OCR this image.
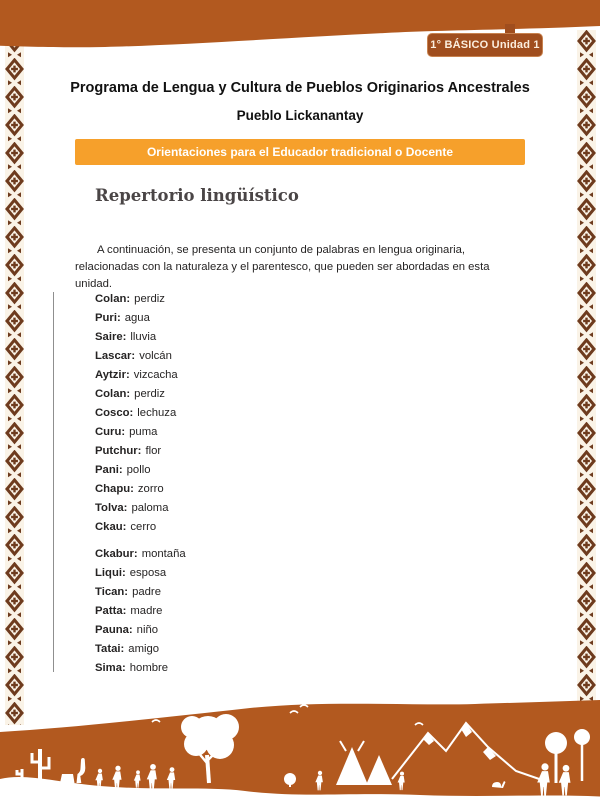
1° BÁSICO Unidad 1
Programa de Lengua y Cultura de Pueblos Originarios Ancestrales
Pueblo Lickanantay
Orientaciones para el Educador tradicional o Docente
Repertorio lingüístico

A continuación, se presenta un conjunto de palabras en lengua originaria, relacionadas con la naturaleza y el parentesco, que pueden ser abordadas en esta unidad.

Colan: perdiz
Puri: agua
Saire: lluvia
Lascar: volcán
Aytzir: vizcacha
Colan: perdiz
Cosco: lechuza
Curu: puma
Putchur: flor
Pani: pollo
Chapu: zorro
Tolva: paloma
Ckau: cerro
Ckabur: montaña
Liqui: esposa
Tican: padre
Patta: madre
Pauna: niño
Tatai: amigo
Sima: hombre
